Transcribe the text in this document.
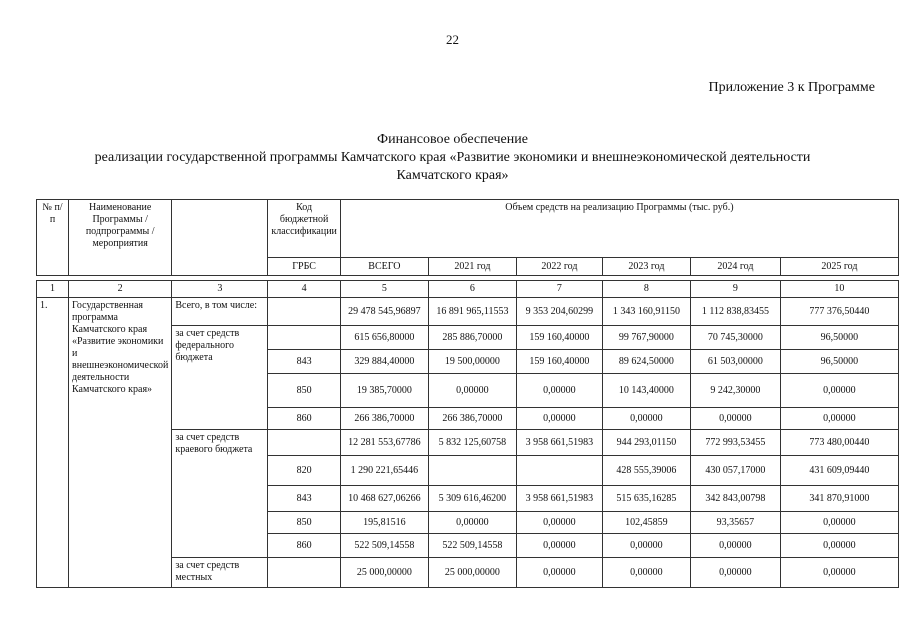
22
Приложение 3 к Программе
Финансовое обеспечение
реализации государственной программы Камчатского края «Развитие экономики и внешнеэкономической деятельности
Камчатского края»
№ п/п	Наименование Программы / подпрограммы / мероприятия		Код бюджетной классификации	Объем средств на реализацию Программы (тыс. руб.)					
			ГРБС	ВСЕГО	2021 год	2022 год	2023 год	2024 год	2025 год

1	2	3	4	5	6	7	8	9	10
1.	Государственная программа Камчатского края «Развитие экономики и внешнеэкономической деятельности Камчатского края»	Всего, в том числе:		29 478 545,96897	16 891 965,11553	9 353 204,60299	1 343 160,91150	1 112 838,83455	777 376,50440
		за счет средств федерального бюджета		615 656,80000	285 886,70000	159 160,40000	99 767,90000	70 745,30000	96,50000
			843	329 884,40000	19 500,00000	159 160,40000	89 624,50000	61 503,00000	96,50000
			850	19 385,70000	0,00000	0,00000	10 143,40000	9 242,30000	0,00000
			860	266 386,70000	266 386,70000	0,00000	0,00000	0,00000	0,00000
		за счет средств краевого бюджета		12 281 553,67786	5 832 125,60758	3 958 661,51983	944 293,01150	772 993,53455	773 480,00440
			820	1 290 221,65446			428 555,39006	430 057,17000	431 609,09440
			843	10 468 627,06266	5 309 616,46200	3 958 661,51983	515 635,16285	342 843,00798	341 870,91000
			850	195,81516	0,00000	0,00000	102,45859	93,35657	0,00000
			860	522 509,14558	522 509,14558	0,00000	0,00000	0,00000	0,00000
		за счет средств местных		25 000,00000	25 000,00000	0,00000	0,00000	0,00000	0,00000
